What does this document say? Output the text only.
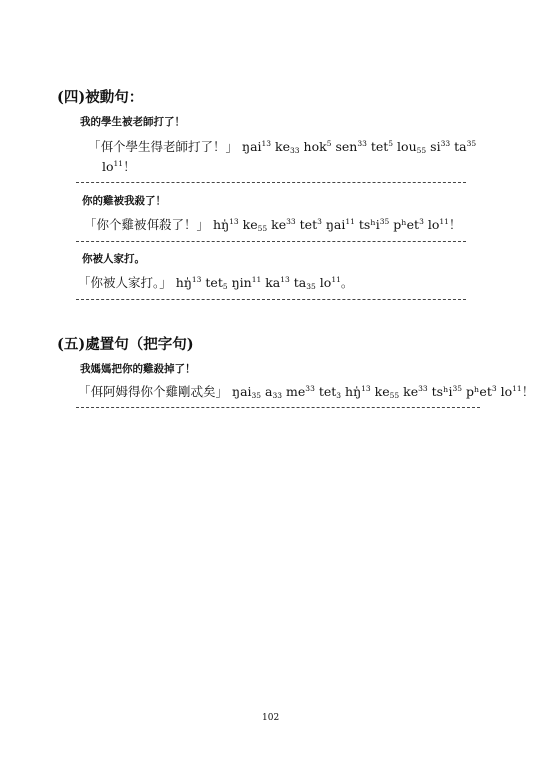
(四)被動句：
我的學生被老師打了！
「佴个學生得老師打了！」 ŋai$^{13}$ $ke_{33}$ hok$^5$ sen$^{33}$ tet$^5$ lou$_{55}$ $si^{33}$ $ta^{35}$
$lo^{11}$！
你的雞被我殺了！
「你个雞被佴殺了！」 hŋ̍$^{13}$ $ke_{55}$ $ke^{33}$ tet$^3$ ŋai$^{11}$ tsʰi$^{35}$ pʰet$^3$ $lo^{11}$！
你被人家打。
「你被人家打。」 hŋ̍$^{13}$ tet$_5$ ŋin$^{11}$ $ka^{13}$ $ta_{35}$ $lo^{11}$。
(五)處置句（把字句)
我媽媽把你的雞殺掉了！
「佴阿姆得你个雞剛忒矣」 ŋai$_{35}$ $a_{33}$ $me^{33}$ tet$_3$ hŋ̍$^{13}$ $ke_{55}$ $ke^{33}$ tsʰi$^{35}$ pʰet$^3$ $lo^{11}$！
102
